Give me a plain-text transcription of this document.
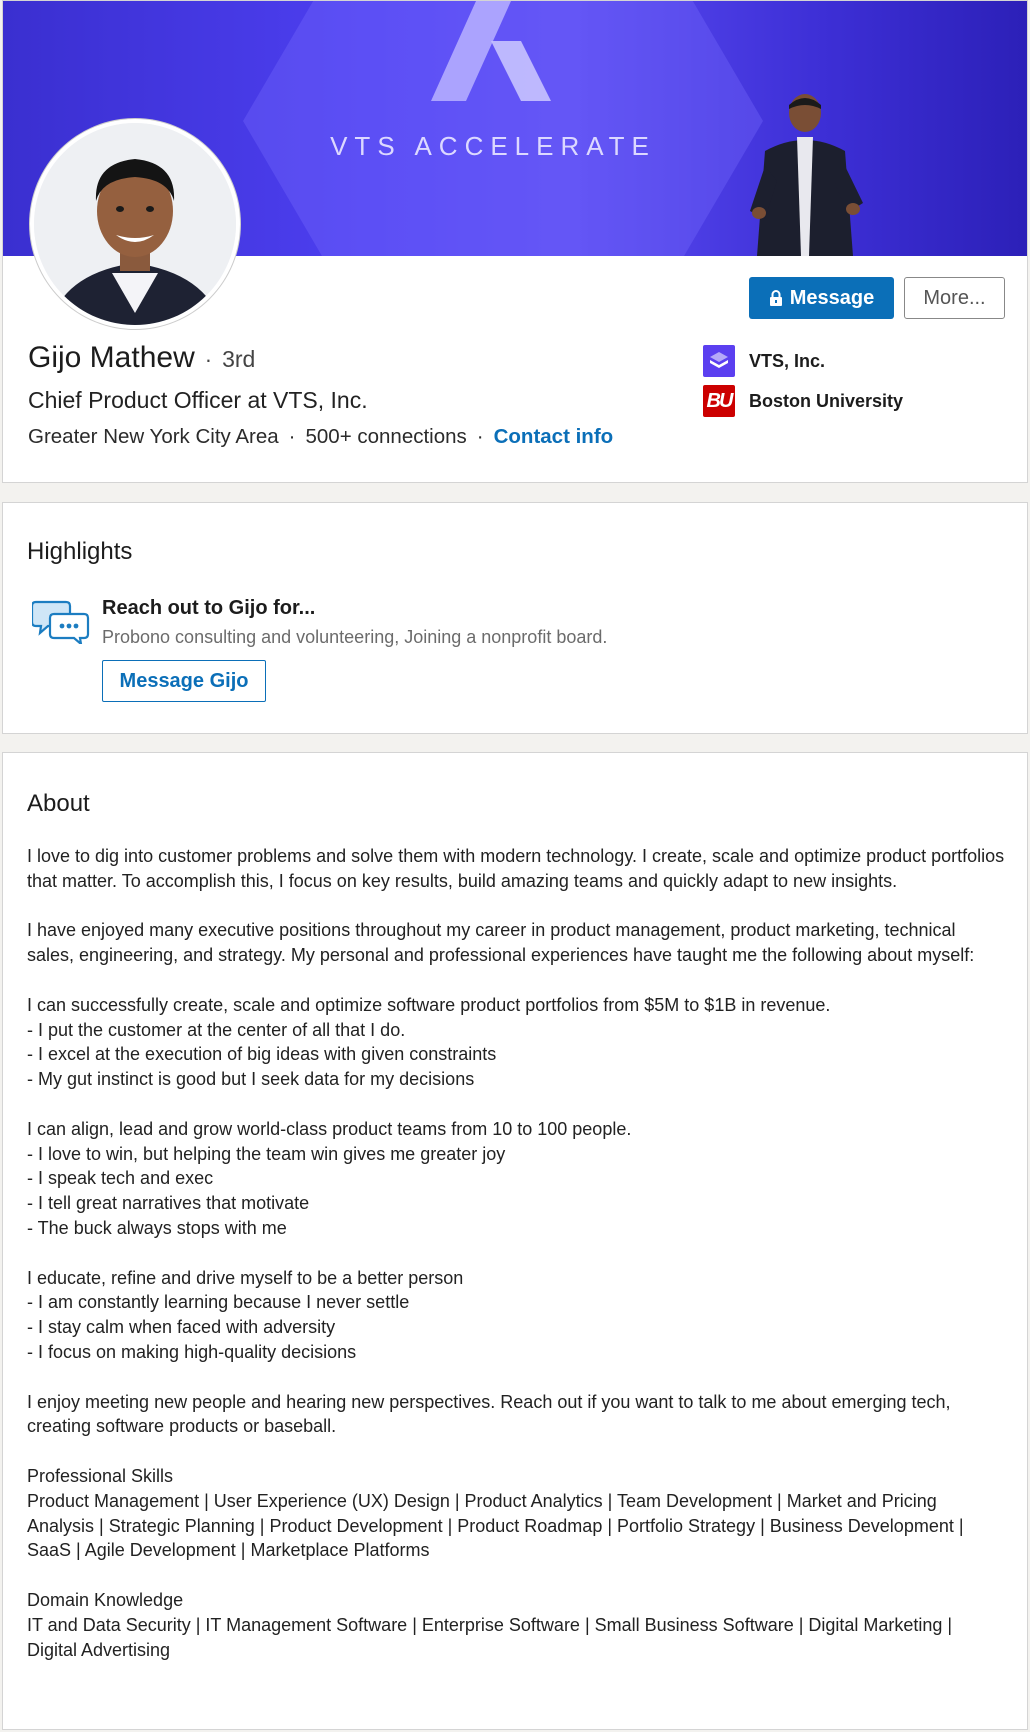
VTS ACCELERATE
Message	More...
Gijo Mathew · 3rd
Chief Product Officer at VTS, Inc.
Greater New York City Area · 500+ connections · Contact info
VTS, Inc.
BU Boston University
Highlights
Reach out to Gijo for...
Probono consulting and volunteering, Joining a nonprofit board.
Message Gijo
About

I love to dig into customer problems and solve them with modern technology. I create, scale and optimize product portfolios that matter. To accomplish this, I focus on key results, build amazing teams and quickly adapt to new insights.

I have enjoyed many executive positions throughout my career in product management, product marketing, technical sales, engineering, and strategy. My personal and professional experiences have taught me the following about myself:

I can successfully create, scale and optimize software product portfolios from $5M to $1B in revenue.
- I put the customer at the center of all that I do.
- I excel at the execution of big ideas with given constraints
- My gut instinct is good but I seek data for my decisions

I can align, lead and grow world-class product teams from 10 to 100 people.
- I love to win, but helping the team win gives me greater joy
- I speak tech and exec
- I tell great narratives that motivate
- The buck always stops with me

I educate, refine and drive myself to be a better person
- I am constantly learning because I never settle
- I stay calm when faced with adversity
- I focus on making high-quality decisions

I enjoy meeting new people and hearing new perspectives. Reach out if you want to talk to me about emerging tech, creating software products or baseball.

Professional Skills
Product Management | User Experience (UX) Design | Product Analytics | Team Development | Market and Pricing Analysis | Strategic Planning | Product Development | Product Roadmap | Portfolio Strategy | Business Development | SaaS | Agile Development | Marketplace Platforms

Domain Knowledge
IT and Data Security | IT Management Software | Enterprise Software | Small Business Software | Digital Marketing | Digital Advertising
